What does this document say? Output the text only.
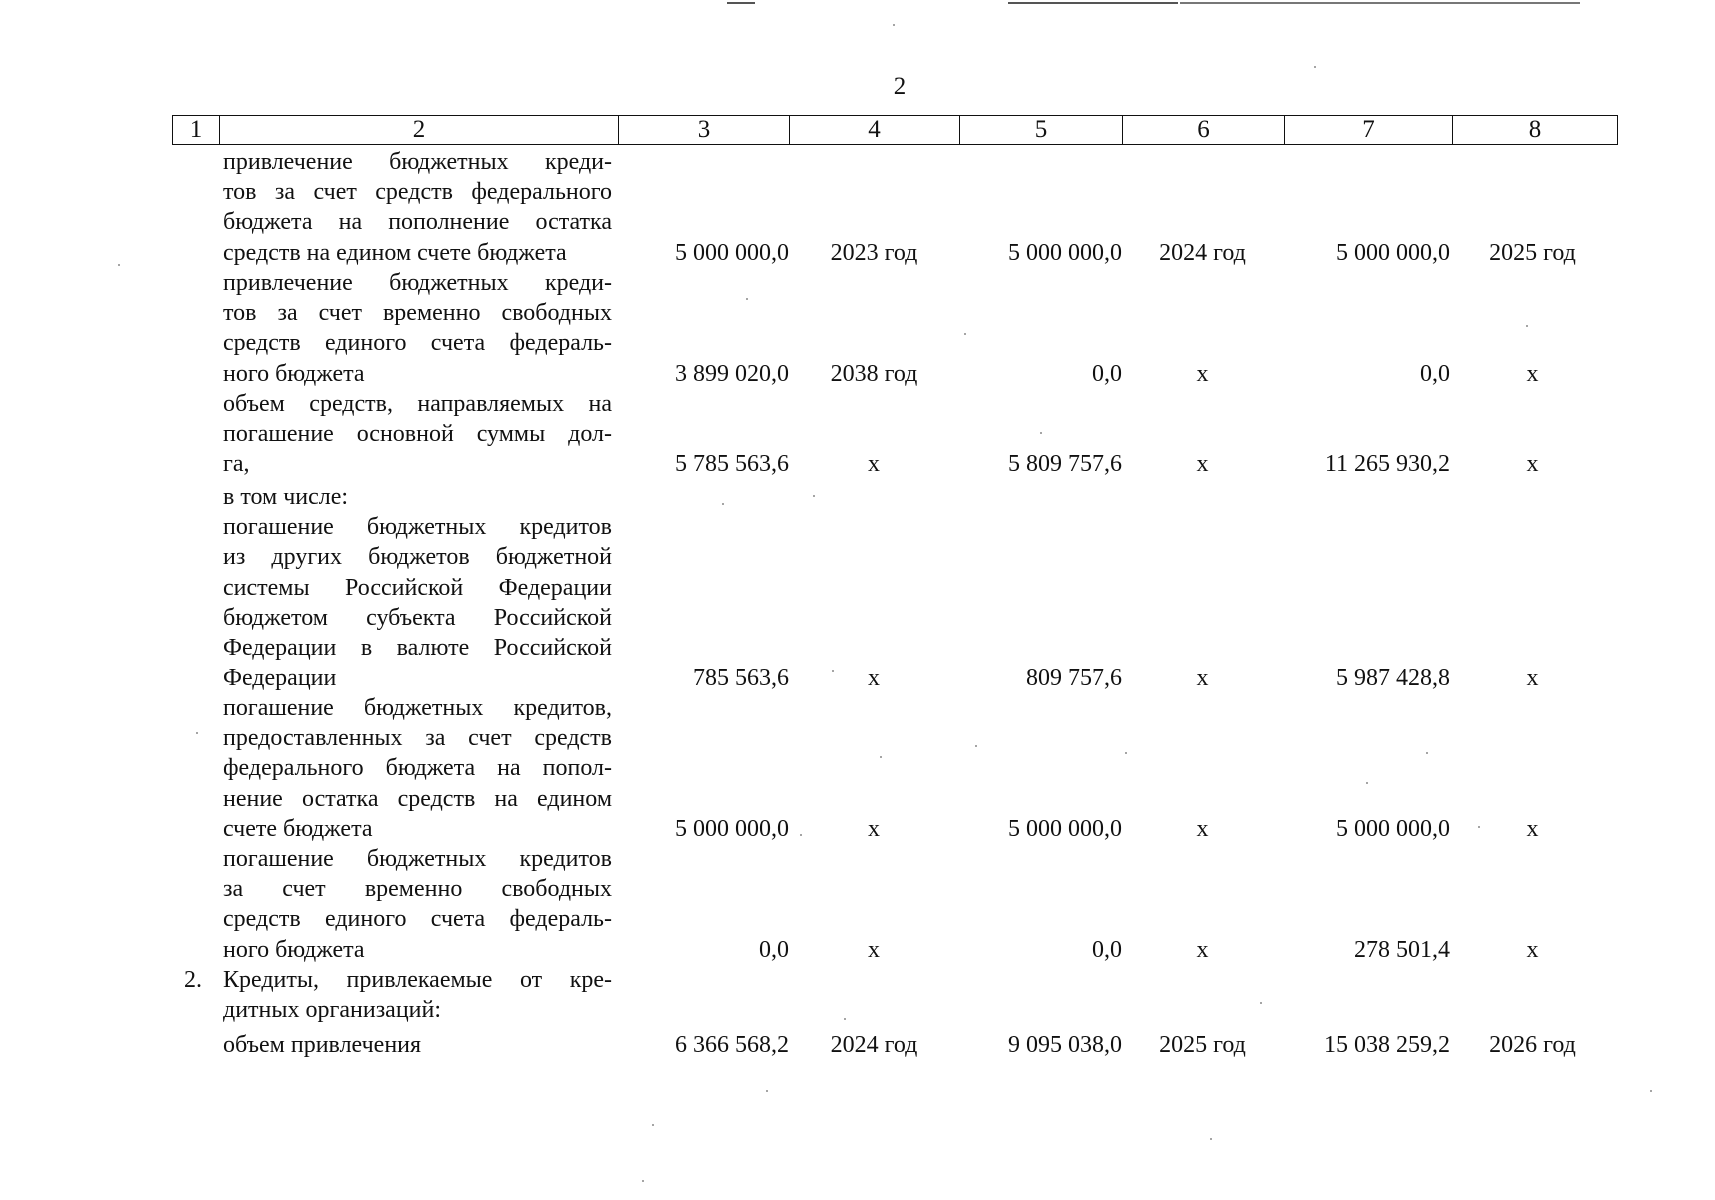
2
1	2	3	4	5	6	7	8
привлечение бюджетных креди-
тов за счет средств федерального
бюджета на пополнение остатка
средств на едином счете бюджета	5 000 000,0	2023 год	5 000 000,0	2024 год	5 000 000,0	2025 год
привлечение бюджетных креди-
тов за счет временно свободных
средств единого счета федераль-
ного бюджета	3 899 020,0	2038 год	0,0	х	0,0	х
объем средств, направляемых на
погашение основной суммы дол-
га,	5 785 563,6	х	5 809 757,6	х	11 265 930,2	х
в том числе:
погашение бюджетных кредитов
из других бюджетов бюджетной
системы Российской Федерации
бюджетом субъекта Российской
Федерации в валюте Российской
Федерации	785 563,6	х	809 757,6	х	5 987 428,8	х
погашение бюджетных кредитов,
предоставленных за счет средств
федерального бюджета на попол-
нение остатка средств на едином
счете бюджета	5 000 000,0	х	5 000 000,0	х	5 000 000,0	х
погашение бюджетных кредитов
за счет временно свободных
средств единого счета федераль-
ного бюджета	0,0	х	0,0	х	278 501,4	х
2. Кредиты, привлекаемые от кре-
дитных организаций:
объем привлечения	6 366 568,2	2024 год	9 095 038,0	2025 год	15 038 259,2	2026 год
